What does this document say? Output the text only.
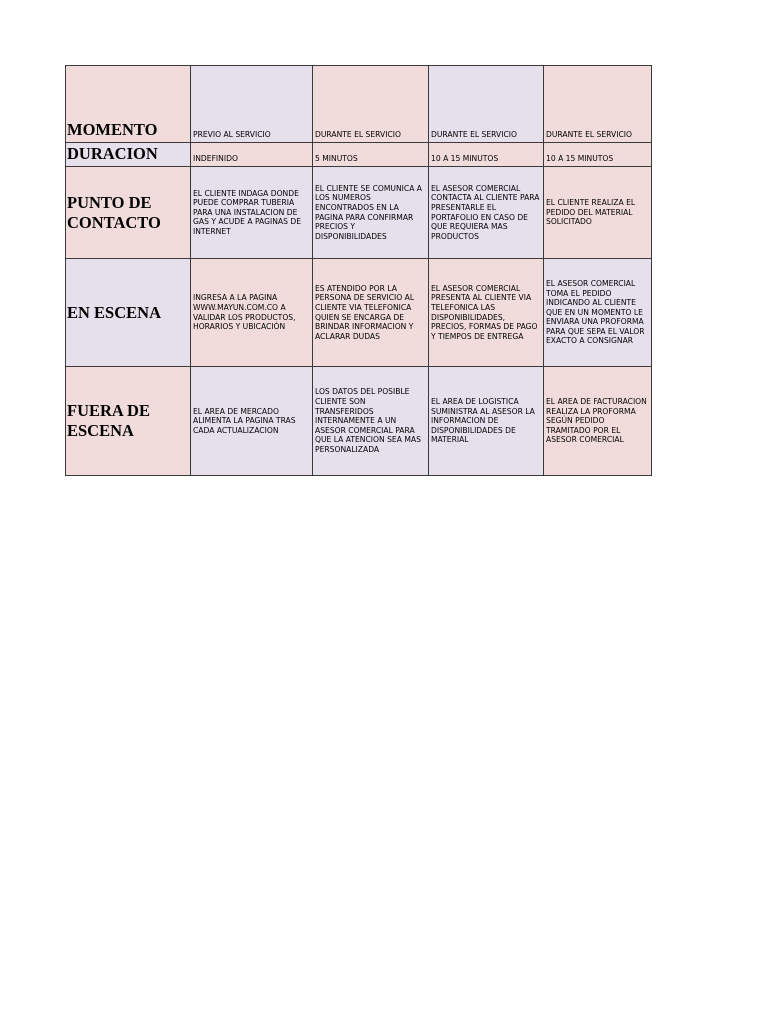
MOMENTO	PREVIO AL SERVICIO	DURANTE EL SERVICIO	DURANTE EL SERVICIO	DURANTE EL SERVICIO
DURACION	INDEFINIDO	5 MINUTOS	10 A 15 MINUTOS	10 A 15 MINUTOS
PUNTO DE CONTACTO	EL CLIENTE INDAGA DONDE PUEDE COMPRAR TUBERIA PARA UNA INSTALACION DE GAS Y ACUDE A PAGINAS DE INTERNET	EL CLIENTE SE COMUNICA A LOS NUMEROS ENCONTRADOS EN LA PAGINA PARA CONFIRMAR PRECIOS Y DISPONIBILIDADES	EL ASESOR COMERCIAL CONTACTA AL CLIENTE PARA PRESENTARLE EL PORTAFOLIO EN CASO DE QUE REQUIERA MAS PRODUCTOS	EL CLIENTE REALIZA EL PEDIDO DEL MATERIAL SOLICITADO
EN ESCENA	INGRESA A LA PAGINA WWW.MAYUN.COM.CO A VALIDAR LOS PRODUCTOS, HORARIOS Y UBICACIÓN	ES ATENDIDO POR LA PERSONA DE SERVICIO AL CLIENTE VIA TELEFONICA QUIEN SE ENCARGA DE BRINDAR INFORMACION Y ACLARAR DUDAS	EL ASESOR COMERCIAL PRESENTA AL CLIENTE VIA TELEFONICA LAS DISPONIBILIDADES, PRECIOS, FORMAS DE PAGO Y TIEMPOS DE ENTREGA	EL ASESOR COMERCIAL TOMA EL PEDIDO INDICANDO AL CLIENTE QUE EN UN MOMENTO LE ENVIARA UNA PROFORMA PARA QUE SEPA EL VALOR EXACTO A CONSIGNAR
FUERA DE ESCENA	EL AREA DE MERCADO ALIMENTA LA PAGINA TRAS CADA ACTUALIZACION	LOS DATOS DEL POSIBLE CLIENTE SON TRANSFERIDOS INTERNAMENTE A UN ASESOR COMERCIAL PARA QUE LA ATENCION SEA MAS PERSONALIZADA	EL AREA DE LOGISTICA SUMINISTRA AL ASESOR LA INFORMACION DE DISPONIBILIDADES DE MATERIAL	EL AREA DE FACTURACION REALIZA LA PROFORMA SEGÚN PEDIDO TRAMITADO POR EL ASESOR COMERCIAL
